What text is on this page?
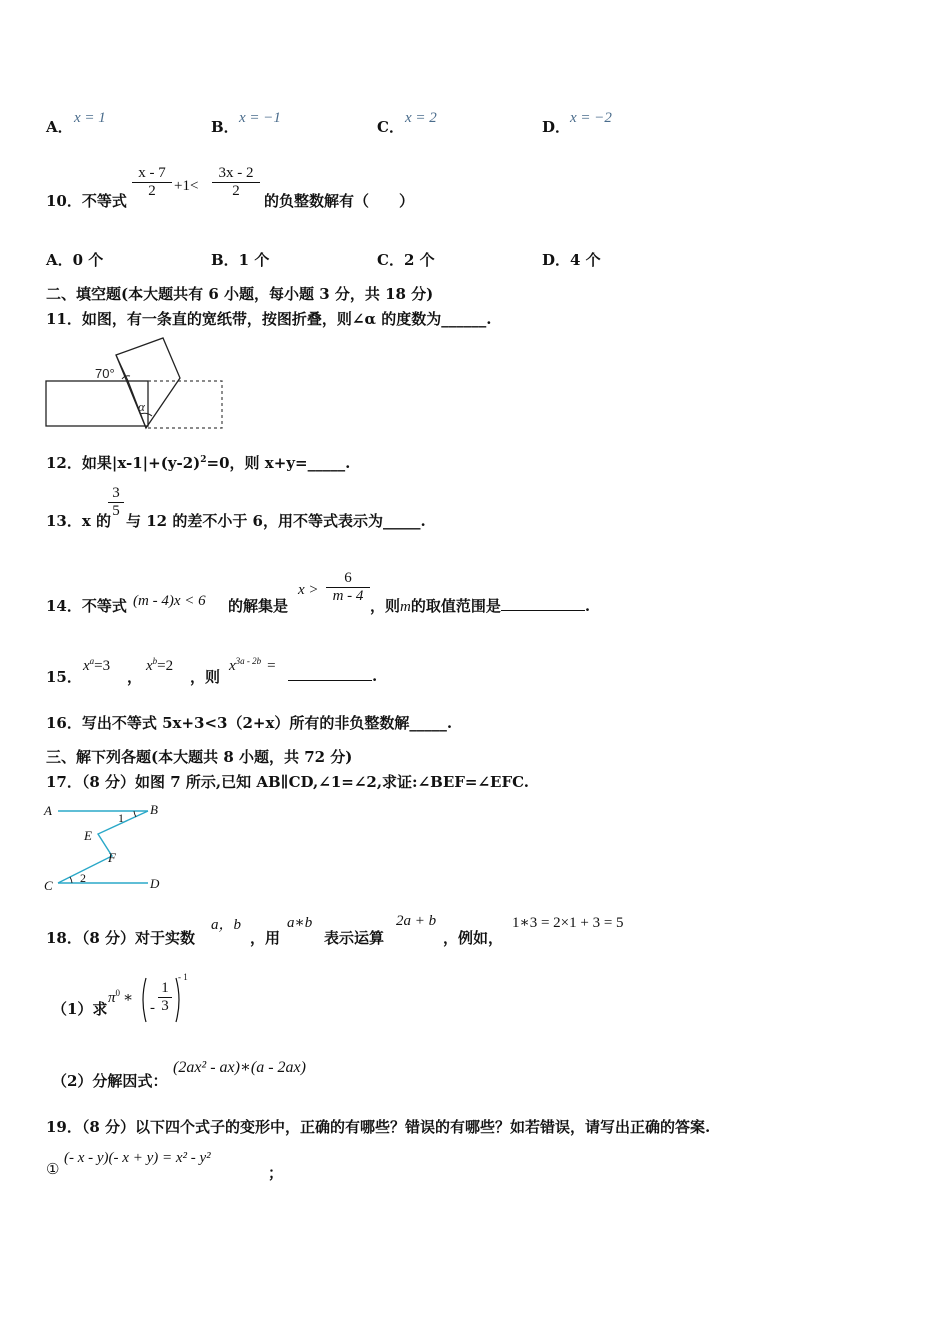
A． x = 1	B． x = −1	C． x = 2	D． x = −2
10．不等式
$\frac{x - 7}{2} +1< \frac{3x - 2}{2}$
的负整数解有（　　）
A．0 个	B．1 个	C．2 个	D．4 个
二、填空题(本大题共有 6 小题，每小题 3 分，共 18 分)
11．如图，有一条直的宽纸带，按图折叠，则∠α 的度数为______.
70°
α
12．如果$|x-1|+(y-2)^2=0$，则 x+y=_____.
13．x 的
$\frac{3}{5}$
与 12 的差不小于 6，用不等式表示为_____.
14．不等式 (m - 4)x < 6 的解集是
$x > \frac{6}{m - 4}$
，则m的取值范围是	.
15．
$x^a=3$
，
$x^b=2$
，则
$x^{3a - 2b}$ =
.
16．写出不等式 5x+3<3（2+x）所有的非负整数解_____.
三、解下列各题(本大题共 8 小题，共 72 分)
17．（8 分）如图 7 所示,已知 AB∥CD,∠1=∠2,求证:∠BEF=∠EFC.
A	B
C	D
E
F
1
2
18．（8 分）对于实数
a，b
，用
a∗b
表示运算
2a + b
，例如，
1∗3 = 2×1 + 3 = 5
（1）求
$\pi^0$ ∗
- $\frac{1}{3}$
- 1
（2）分解因式：
(2ax² - ax)∗(a - 2ax)
19．（8 分）以下四个式子的变形中，正确的有哪些？错误的有哪些？如若错误，请写出正确的答案.
①
(- x - y)(- x + y) = x² - y²
；
